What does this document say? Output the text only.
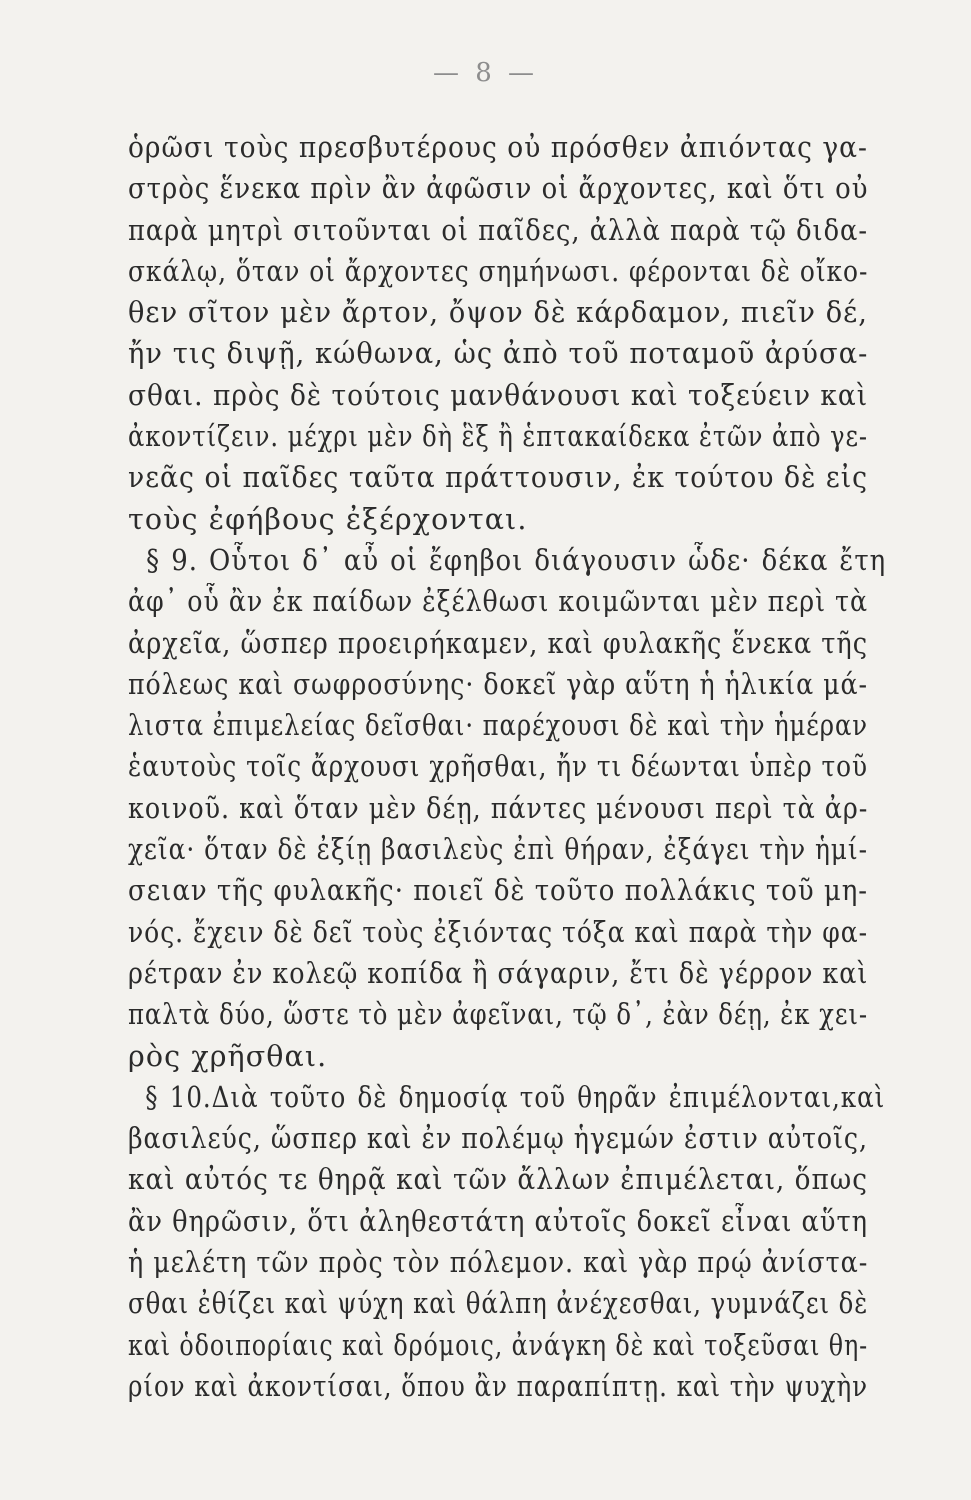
— 8 —
ὁρῶσι τοὺς πρεσβυτέρους οὐ πρόσθεν ἀπιόντας γα-
στρὸς ἕνεκα πρὶν ἂν ἀφῶσιν οἱ ἄρχοντες, καὶ ὅτι οὐ
παρὰ μητρὶ σιτοῦνται οἱ παῖδες, ἀλλὰ παρὰ τῷ διδα-
σκάλῳ, ὅταν οἱ ἄρχοντες σημήνωσι. φέρονται δὲ οἴκο-
θεν σῖτον μὲν ἄρτον, ὄψον δὲ κάρδαμον, πιεῖν δέ,
ἤν τις διψῇ, κώθωνα, ὡς ἀπὸ τοῦ ποταμοῦ ἀρύσα-
σθαι. πρὸς δὲ τούτοις μανθάνουσι καὶ τοξεύειν καὶ
ἀκοντίζειν. μέχρι μὲν δὴ ἓξ ἢ ἑπτακαίδεκα ἐτῶν ἀπὸ γε-
νεᾶς οἱ παῖδες ταῦτα πράττουσιν, ἐκ τούτου δὲ εἰς
τοὺς ἐφήβους ἐξέρχονται.
§ 9. Οὗτοι δ᾽ αὖ οἱ ἔφηβοι διάγουσιν ὧδε· δέκα ἔτη
ἀφ᾽ οὗ ἂν ἐκ παίδων ἐξέλθωσι κοιμῶνται μὲν περὶ τὰ
ἀρχεῖα, ὥσπερ προειρήκαμεν, καὶ φυλακῆς ἕνεκα τῆς
πόλεως καὶ σωφροσύνης· δοκεῖ γὰρ αὕτη ἡ ἡλικία μά-
λιστα ἐπιμελείας δεῖσθαι· παρέχουσι δὲ καὶ τὴν ἡμέραν
ἑαυτοὺς τοῖς ἄρχουσι χρῆσθαι, ἤν τι δέωνται ὑπὲρ τοῦ
κοινοῦ. καὶ ὅταν μὲν δέῃ, πάντες μένουσι περὶ τὰ ἀρ-
χεῖα· ὅταν δὲ ἐξίῃ βασιλεὺς ἐπὶ θήραν, ἐξάγει τὴν ἡμί-
σειαν τῆς φυλακῆς· ποιεῖ δὲ τοῦτο πολλάκις τοῦ μη-
νός. ἔχειν δὲ δεῖ τοὺς ἐξιόντας τόξα καὶ παρὰ τὴν φα-
ρέτραν ἐν κολεῷ κοπίδα ἢ σάγαριν, ἔτι δὲ γέρρον καὶ
παλτὰ δύο, ὥστε τὸ μὲν ἀφεῖναι, τῷ δ᾽, ἐὰν δέῃ, ἐκ χει-
ρὸς χρῆσθαι.
§ 10.Διὰ τοῦτο δὲ δημοσίᾳ τοῦ θηρᾶν ἐπιμέλονται,καὶ
βασιλεύς, ὥσπερ καὶ ἐν πολέμῳ ἡγεμών ἐστιν αὐτοῖς,
καὶ αὐτός τε θηρᾷ καὶ τῶν ἄλλων ἐπιμέλεται, ὅπως
ἂν θηρῶσιν, ὅτι ἀληθεστάτη αὐτοῖς δοκεῖ εἶναι αὕτη
ἡ μελέτη τῶν πρὸς τὸν πόλεμον. καὶ γὰρ πρῴ ἀνίστα-
σθαι ἐθίζει καὶ ψύχη καὶ θάλπη ἀνέχεσθαι, γυμνάζει δὲ
καὶ ὁδοιπορίαις καὶ δρόμοις, ἀνάγκη δὲ καὶ τοξεῦσαι θη-
ρίον καὶ ἀκοντίσαι, ὅπου ἂν παραπίπτῃ. καὶ τὴν ψυχὴν
